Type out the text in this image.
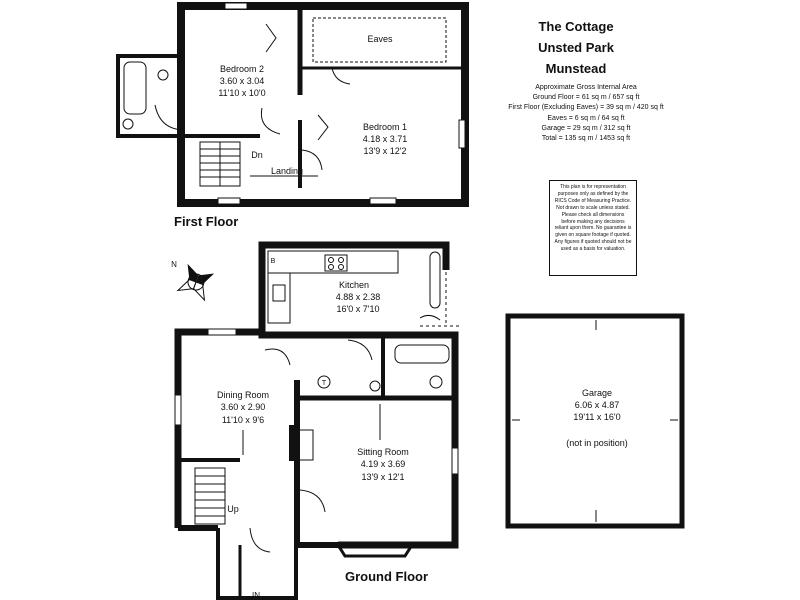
The Cottage
Unsted Park
Munstead
Approximate Gross Internal Area
Ground Floor = 61 sq m / 657 sq ft
First Floor (Excluding Eaves) = 39 sq m / 420 sq ft
Eaves = 6 sq m / 64 sq ft
Garage = 29 sq m / 312 sq ft
Total = 135 sq m / 1453 sq ft
This plan is for representation purposes only as defined by the RICS Code of Measuring Practice. Not drawn to scale unless stated. Please check all dimensions before making any decisions reliant upon them. No guarantee is given on square footage if quoted. Any figures if quoted should not be used as a basis for valuation.
Eaves
Bedroom 2
3.60 x 3.04
11'10 x 10'0
Bedroom 1
4.18 x 3.71
13'9 x 12'2
Landing
Dn
First Floor
B
T
Kitchen
4.88 x 2.38
16'0 x 7'10
Dining Room
3.60 x 2.90
11'10 x 9'6
Sitting Room
4.19 x 3.69
13'9 x 12'1
Up
IN
Ground Floor
Garage
6.06 x 4.87
19'11 x 16'0
(not in position)
N
